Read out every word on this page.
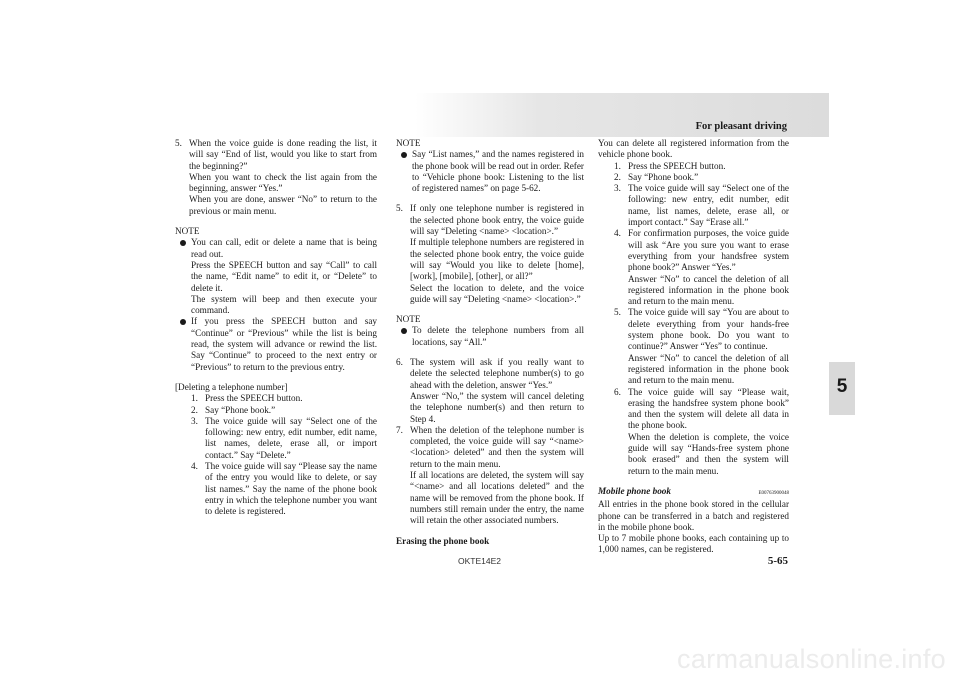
For pleasant driving
5
5. When the voice guide is done reading the list, it will say “End of list, would you like to start from the beginning?”

When you want to check the list again from the beginning, answer “Yes.”

When you are done, answer “No” to return to the previous or main menu.

NOTE

You can call, edit or delete a name that is being read out.

Press the SPEECH button and say “Call” to call the name, “Edit name” to edit it, or “Delete” to delete it.

The system will beep and then execute your command.

If you press the SPEECH button and say “Continue” or “Previous” while the list is being read, the system will advance or rewind the list. Say “Continue” to proceed to the next entry or “Previous” to return to the previous entry.

[Deleting a telephone number]

1. Press the SPEECH button.

2. Say “Phone book.”

3. The voice guide will say “Select one of the following: new entry, edit number, edit name, list names, delete, erase all, or import contact.” Say “Delete.”

4. The voice guide will say “Please say the name of the entry you would like to delete, or say list names.” Say the name of the phone book entry in which the telephone number you want to delete is registered.

NOTE

Say “List names,” and the names registered in the phone book will be read out in order. Refer to “Vehicle phone book: Listening to the list of registered names” on page 5-62.

5. If only one telephone number is registered in the selected phone book entry, the voice guide will say “Deleting <name> <location>.”

If multiple telephone numbers are registered in the selected phone book entry, the voice guide will say “Would you like to delete [home], [work], [mobile], [other], or all?”

Select the location to delete, and the voice guide will say “Deleting <name> <location>.”

NOTE

To delete the telephone numbers from all locations, say “All.”

6. The system will ask if you really want to delete the selected telephone number(s) to go ahead with the deletion, answer “Yes.”

Answer “No,” the system will cancel deleting the telephone number(s) and then return to Step 4.

7. When the deletion of the telephone number is completed, the voice guide will say “<name> <location> deleted” and then the system will return to the main menu.

If all locations are deleted, the system will say “<name> and all locations deleted” and the name will be removed from the phone book. If numbers still remain under the entry, the name will retain the other associated numbers.

Erasing the phone book

You can delete all registered information from the vehicle phone book.

1. Press the SPEECH button.

2. Say “Phone book.”

3. The voice guide will say “Select one of the following: new entry, edit number, edit name, list names, delete, erase all, or import contact.” Say “Erase all.”

4. For confirmation purposes, the voice guide will ask “Are you sure you want to erase everything from your handsfree system phone book?” Answer “Yes.”

Answer “No” to cancel the deletion of all registered information in the phone book and return to the main menu.

5. The voice guide will say “You are about to delete everything from your hands-free system phone book. Do you want to continue?” Answer “Yes” to continue.

Answer “No” to cancel the deletion of all registered information in the phone book and return to the main menu.

6. The voice guide will say “Please wait, erasing the handsfree system phone book” and then the system will delete all data in the phone book.

When the deletion is complete, the voice guide will say “Hands-free system phone book erased” and then the system will return to the main menu.

Mobile phone book	E00763900048

All entries in the phone book stored in the cellular phone can be transferred in a batch and registered in the mobile phone book.

Up to 7 mobile phone books, each containing up to 1,000 names, can be registered.

OKTE14E2	5-65
carmanualsonline.info
